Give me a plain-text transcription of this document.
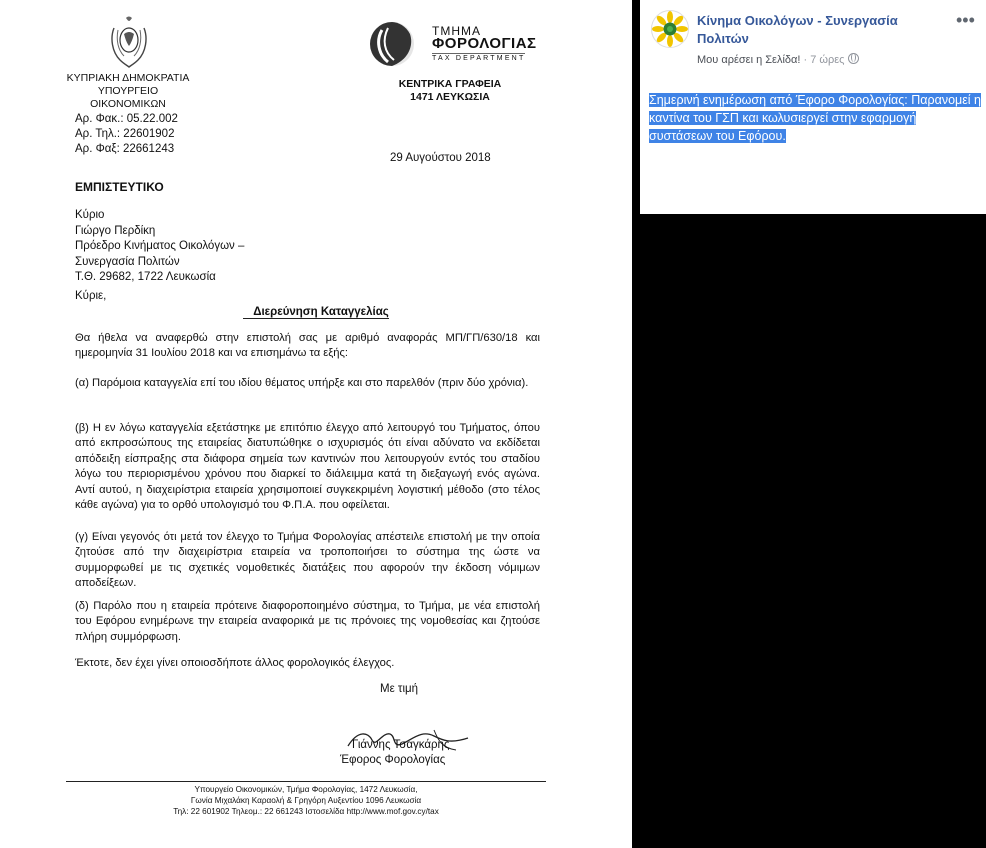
ΚΥΠΡΙΑΚΗ ΔΗΜΟΚΡΑΤΙΑ
ΥΠΟΥΡΓΕΙΟ ΟΙΚΟΝΟΜΙΚΩΝ
ΤΜΗΜΑ
ΦΟΡΟΛΟΓΙΑΣ
TAX DEPARTMENT
ΚΕΝΤΡΙΚΑ ΓΡΑΦΕΙΑ
1471 ΛΕΥΚΩΣΙΑ
Αρ. Φακ.: 05.22.002
Αρ. Τηλ.: 22601902
Αρ. Φαξ: 22661243
29 Αυγούστου 2018
ΕΜΠΙΣΤΕΥΤΙΚΟ
Κύριο
Γιώργο Περδίκη
Πρόεδρο Κινήματος Οικολόγων –
Συνεργασία Πολιτών
Τ.Θ. 29682, 1722 Λευκωσία
Κύριε,
Διερεύνηση Καταγγελίας
Θα ήθελα να αναφερθώ στην επιστολή σας με αριθμό αναφοράς ΜΠ/ΓΠ/630/18 και ημερομηνία 31 Ιουλίου 2018 και να επισημάνω τα εξής:
(α) Παρόμοια καταγγελία επί του ιδίου θέματος υπήρξε και στο παρελθόν (πριν δύο χρόνια).
(β) Η εν λόγω καταγγελία εξετάστηκε με επιτόπιο έλεγχο από λειτουργό του Τμήματος, όπου από εκπροσώπους της εταιρείας διατυπώθηκε ο ισχυρισμός ότι είναι αδύνατο να εκδίδεται απόδειξη είσπραξης στα διάφορα σημεία των καντινών που λειτουργούν εντός του σταδίου λόγω του περιορισμένου χρόνου που διαρκεί το διάλειμμα κατά τη διεξαγωγή ενός αγώνα. Αντί αυτού, η διαχειρίστρια εταιρεία χρησιμοποιεί συγκεκριμένη λογιστική μέθοδο (στο τέλος κάθε αγώνα) για το ορθό υπολογισμό του Φ.Π.Α. που οφείλεται.
(γ) Είναι γεγονός ότι μετά τον έλεγχο το Τμήμα Φορολογίας απέστειλε επιστολή με την οποία ζητούσε από την διαχειρίστρια εταιρεία να τροποποιήσει το σύστημα της ώστε να συμμορφωθεί με τις σχετικές νομοθετικές διατάξεις που αφορούν την έκδοση νόμιμων αποδείξεων.
(δ) Παρόλο που η εταιρεία πρότεινε διαφοροποιημένο σύστημα, το Τμήμα, με νέα επιστολή του Εφόρου ενημέρωνε την εταιρεία αναφορικά με τις πρόνοιες της νομοθεσίας και ζητούσε πλήρη συμμόρφωση.
Έκτοτε, δεν έχει γίνει οποιοσδήποτε άλλος φορολογικός έλεγχος.
Με τιμή
Γιάννης Τσαγκάρης
Έφορος Φορολογίας
Υπουργείο Οικονομικών, Τμήμα Φορολογίας, 1472 Λευκωσία,
Γωνία Μιχαλάκη Καραολή & Γρηγόρη Αυξεντίου 1096 Λευκωσία
Τηλ: 22 601902 Τηλεομ.: 22 661243 Ιστοσελίδα http://www.mof.gov.cy/tax
Κίνημα Οικολόγων - Συνεργασία Πολιτών
Μου αρέσει η Σελίδα! · 7 ώρες
•••
Σημερινή ενημέρωση από Έφορο Φορολογίας: Παρανομεί η καντίνα του ΓΣΠ και κωλυσιεργεί στην εφαρμογή συστάσεων του Εφόρου.
